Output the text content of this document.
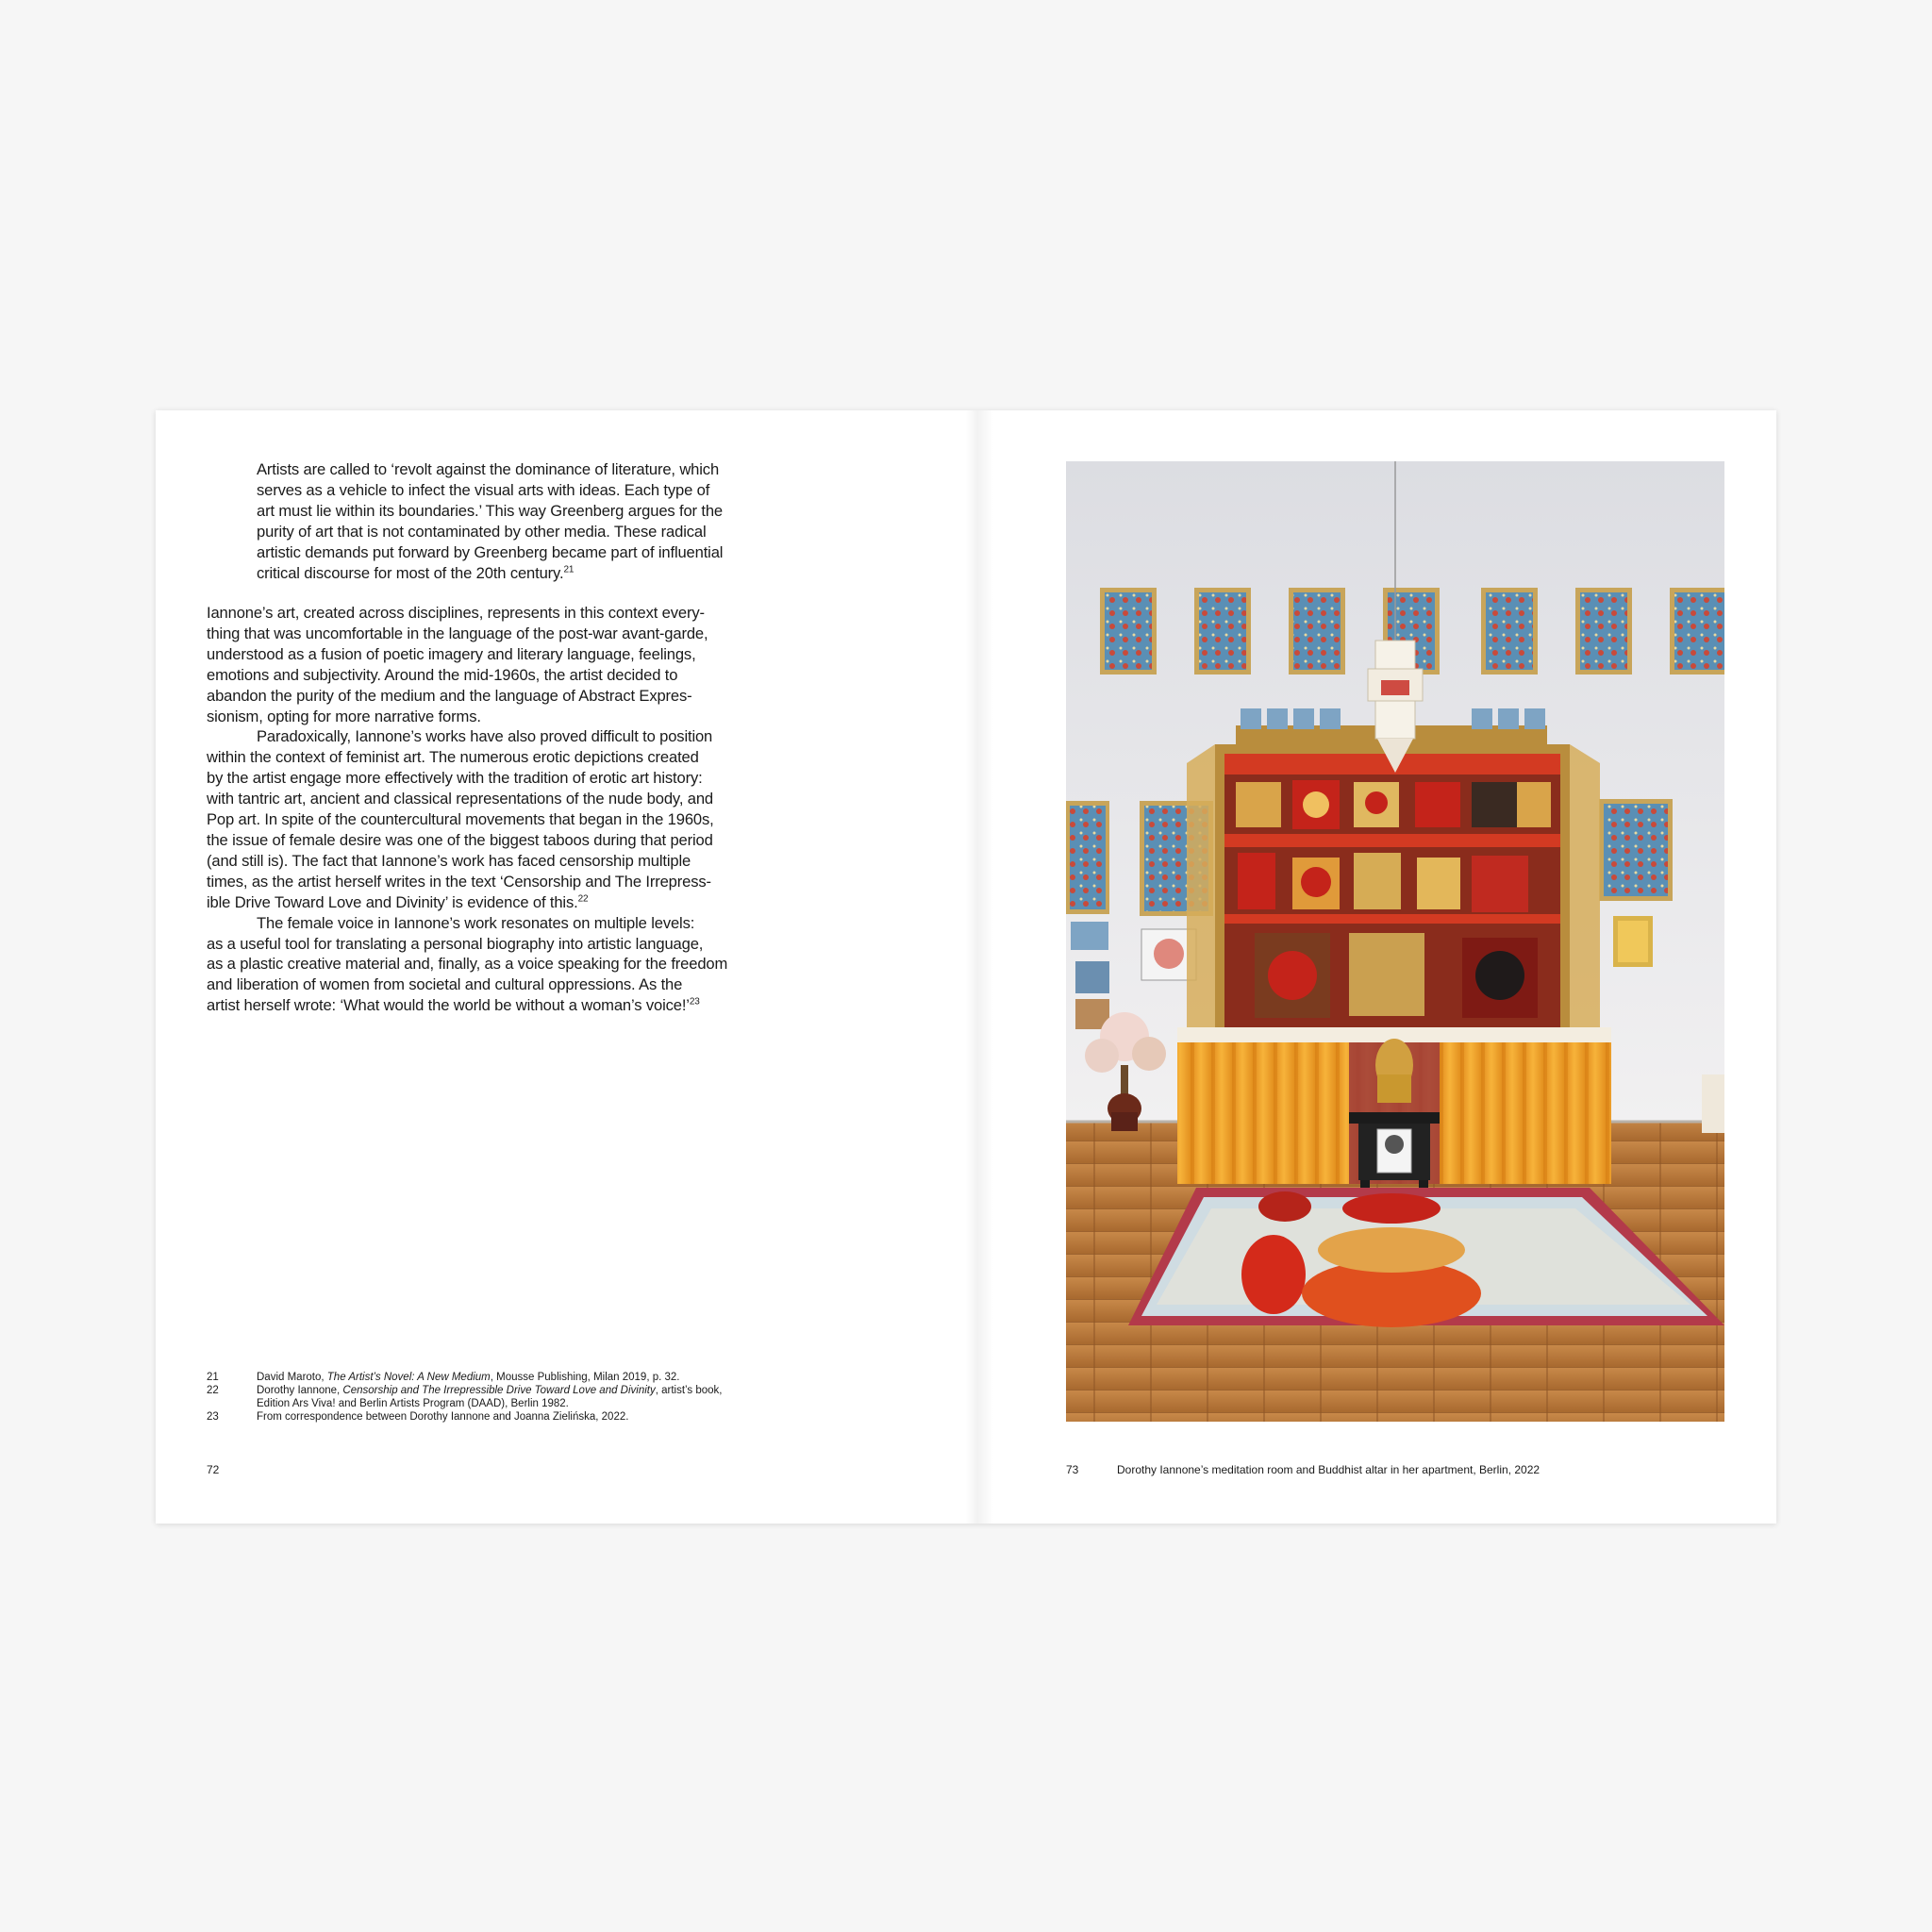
Artists are called to ‘revolt against the dominance of literature, which

serves as a vehicle to infect the visual arts with ideas. Each type of

art must lie within its boundaries.’ This way Greenberg argues for the

purity of art that is not contaminated by other media. These radical

artistic demands put forward by Greenberg became part of influential

critical discourse for most of the 20th century.$^{21}$

Iannone’s art, created across disciplines, represents in this context every-

thing that was uncomfortable in the language of the post-war avant-garde,

understood as a fusion of poetic imagery and literary language, feelings,

emotions and subjectivity. Around the mid-1960s, the artist decided to

abandon the purity of the medium and the language of Abstract Expres-

sionism, opting for more narrative forms.

Paradoxically, Iannone’s works have also proved difficult to position

within the context of feminist art. The numerous erotic depictions created

by the artist engage more effectively with the tradition of erotic art history:

with tantric art, ancient and classical representations of the nude body, and

Pop art. In spite of the countercultural movements that began in the 1960s,

the issue of female desire was one of the biggest taboos during that period

(and still is). The fact that Iannone’s work has faced censorship multiple

times, as the artist herself writes in the text ‘Censorship and The Irrepress-

ible Drive Toward Love and Divinity’ is evidence of this.$^{22}$

The female voice in Iannone’s work resonates on multiple levels:

as a useful tool for translating a personal biography into artistic language,

as a plastic creative material and, finally, as a voice speaking for the freedom

and liberation of women from societal and cultural oppressions. As the

artist herself wrote: ‘What would the world be without a woman’s voice!’$^{23}$

21	David Maroto, The Artist’s Novel: A New Medium, Mousse Publishing, Milan 2019, p. 32.
22	Dorothy Iannone, Censorship and The Irrepressible Drive Toward Love and Divinity, artist’s book,
Edition Ars Viva! and Berlin Artists Program (DAAD), Berlin 1982.
23	From correspondence between Dorothy Iannone and Joanna Zielińska, 2022.
72	73	Dorothy Iannone’s meditation room and Buddhist altar in her apartment, Berlin, 2022
